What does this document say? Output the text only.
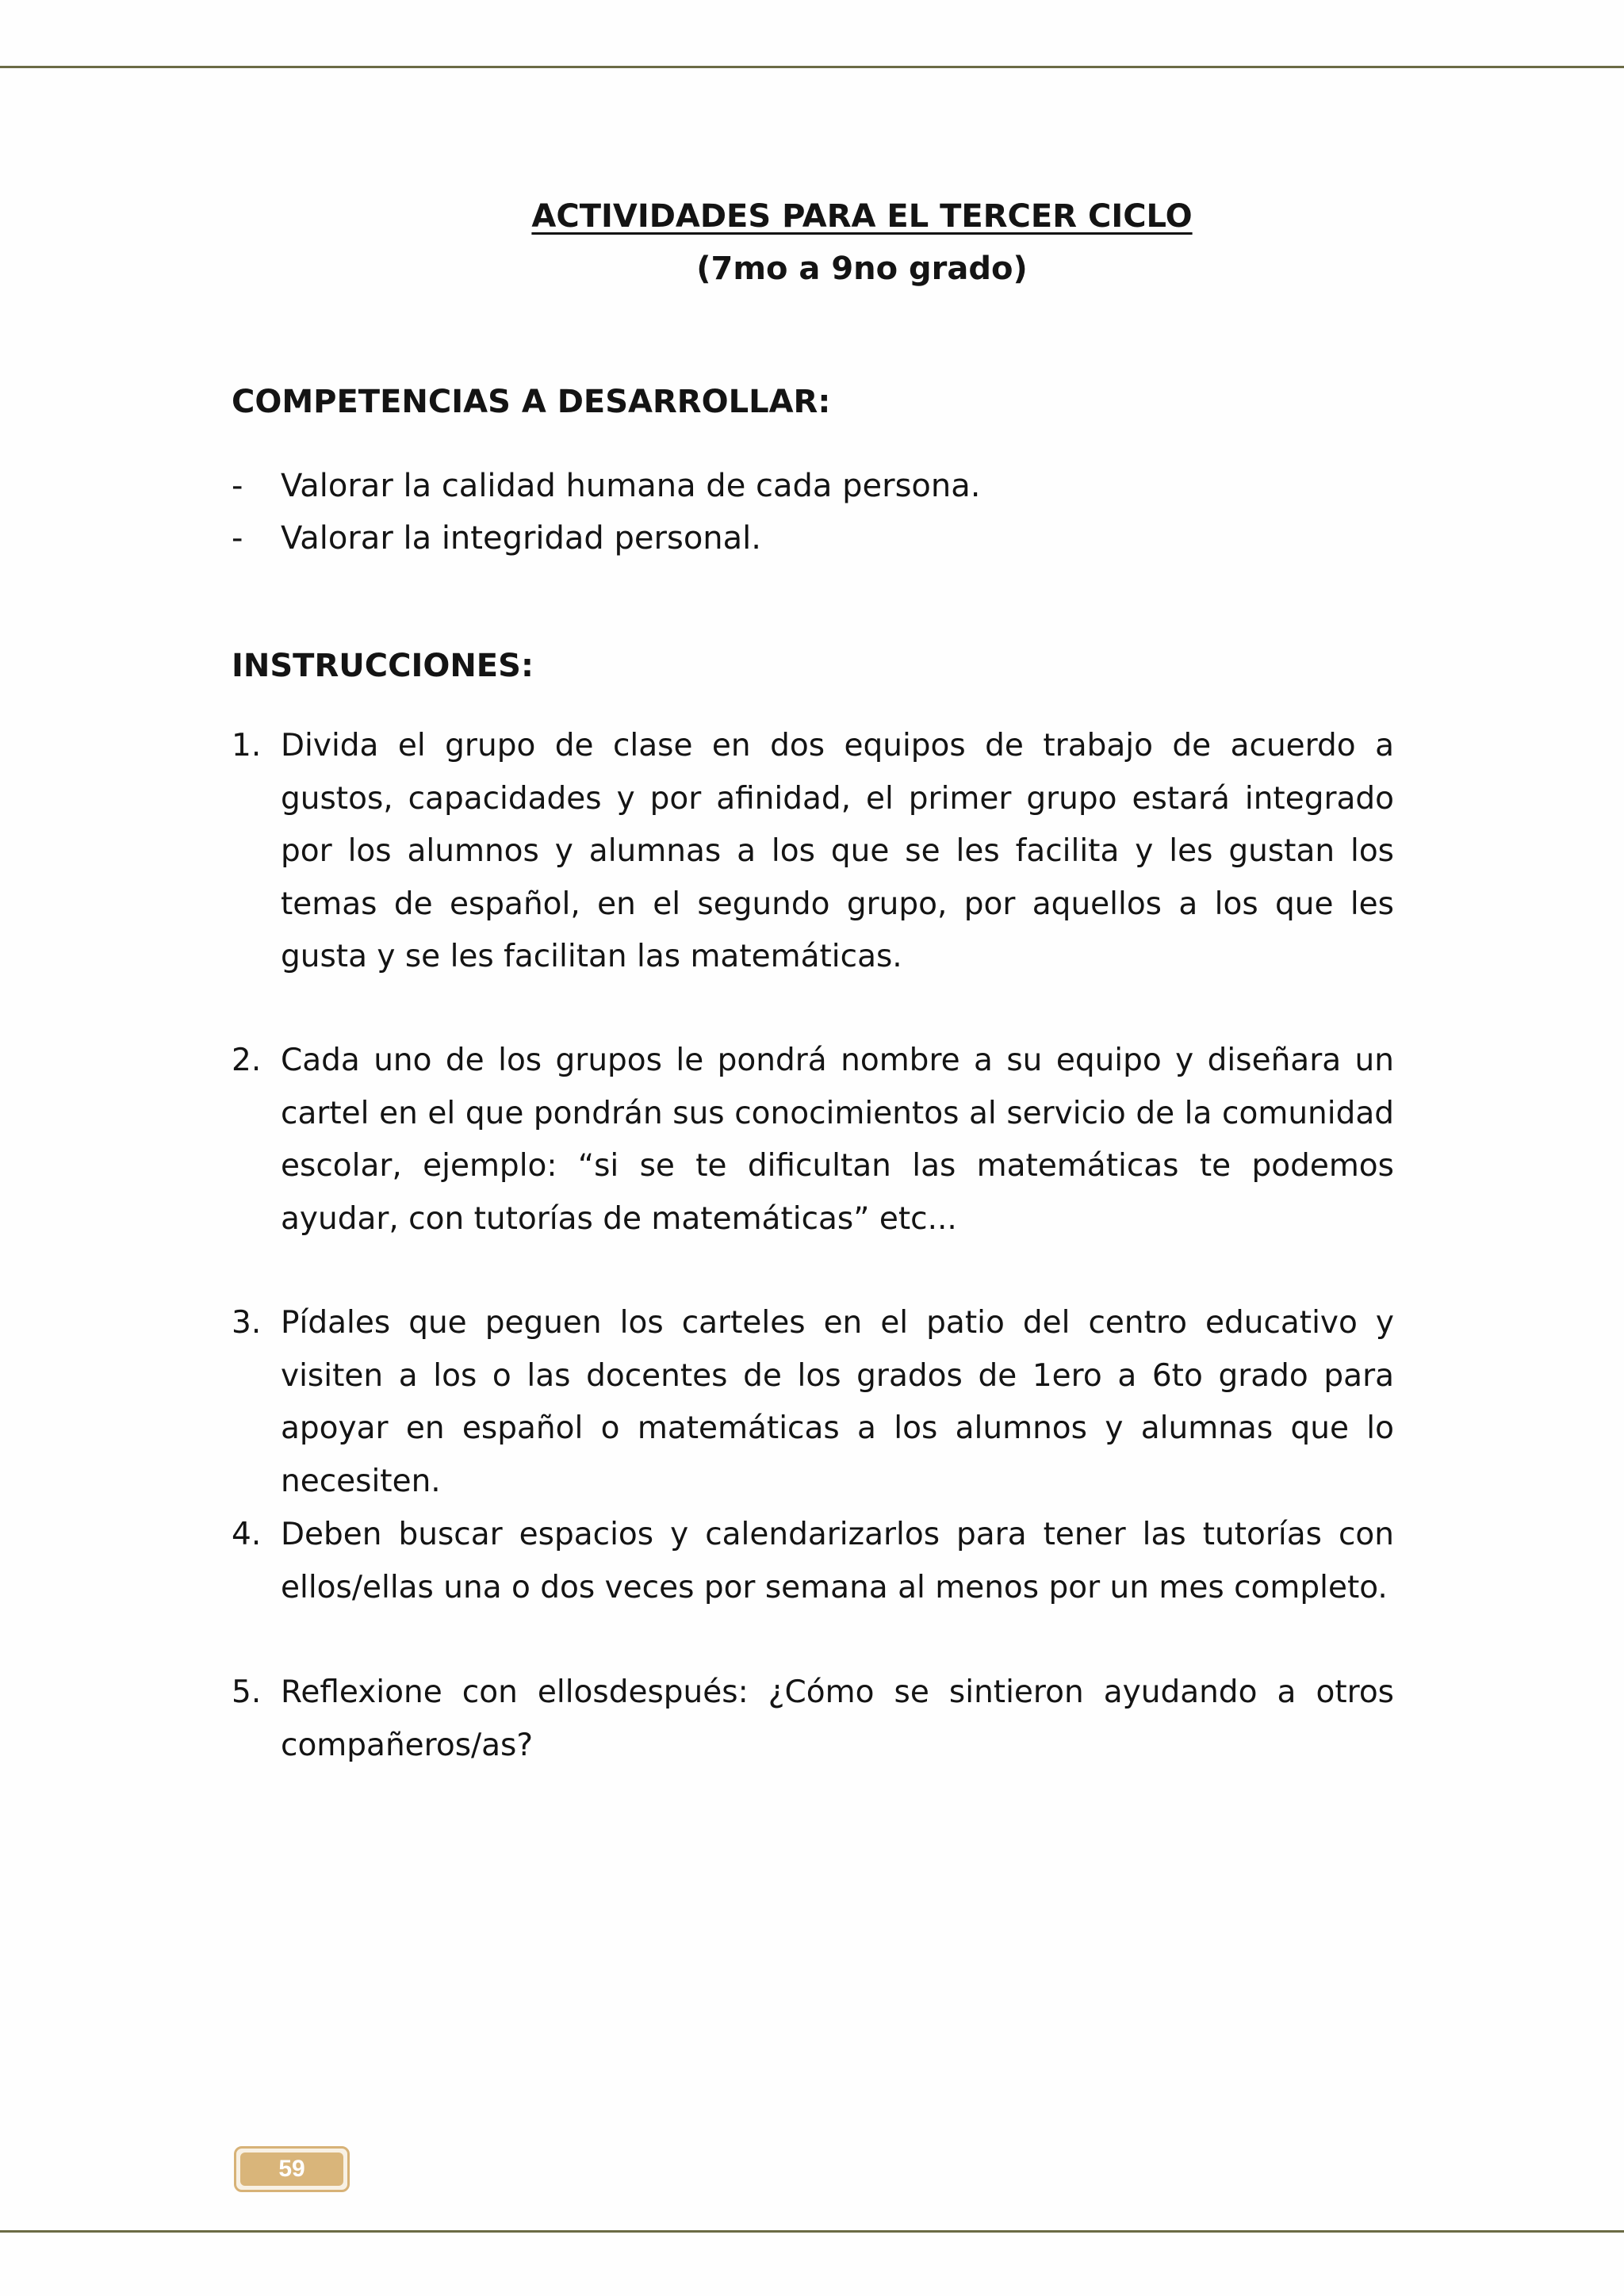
ACTIVIDADES PARA EL TERCER CICLO
(7mo a 9no grado)
COMPETENCIAS A DESARROLLAR:
- Valorar la calidad humana de cada persona.
- Valorar la integridad personal.
INSTRUCCIONES:
1. Divida el grupo de clase en dos equipos de trabajo de acuerdo a gustos, capacidades y por afinidad, el primer grupo estará integrado por los alumnos y alumnas a los que se les facilita y les gustan los temas de español, en el segundo grupo, por aquellos a los que les gusta y se les facilitan las matemáticas.
2. Cada uno de los grupos le pondrá nombre a su equipo y diseñara un cartel en el que pondrán sus conocimientos al servicio de la comunidad escolar, ejemplo: “si se te dificultan las matemáticas te podemos ayudar, con tutorías de matemáticas” etc...
3. Pídales que peguen los carteles en el patio del centro educativo y visiten a los o las docentes de los grados de 1ero a 6to grado para apoyar en español o matemáticas a los alumnos y alumnas que lo necesiten.
4. Deben buscar espacios y calendarizarlos para tener las tutorías con ellos/ellas una o dos veces por semana al menos por un mes completo.
5. Reflexione con ellosdespués: ¿Cómo se sintieron ayudando a otros compañeros/as?
59
